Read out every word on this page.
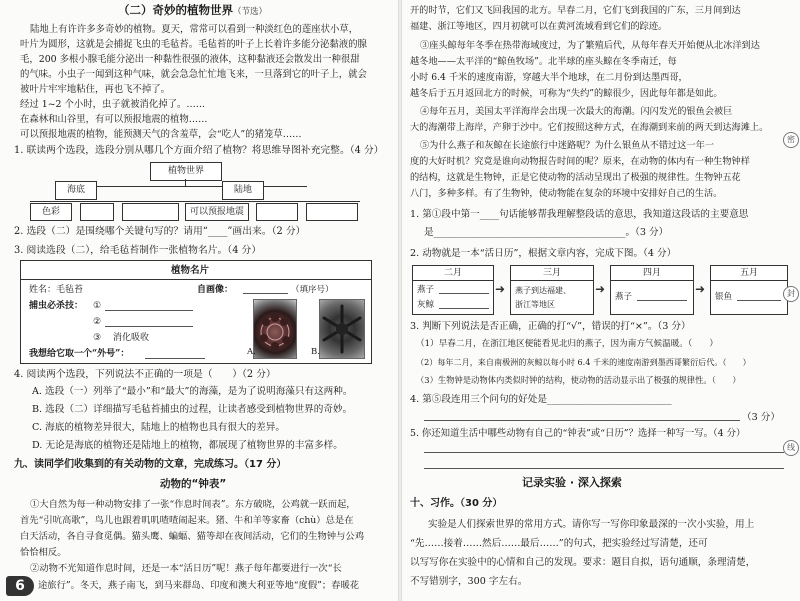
（二）奇妙的植物世界（节选）
陆地上有许许多多奇妙的植物。夏天，常常可以看到一种淡红色的莲座状小草，
叶片为圆形，这就是会捕捉飞虫的毛毡苔。毛毡苔的叶子上长着许多能分泌黏液的腺
毛，200 多根小腺毛能分泌出一种黏性很强的液体，这种黏液还会散发出一种很甜
的气味。小虫子一闻到这种气味，就会急急忙忙地飞来，一旦落到它的叶子上，就会
被叶片牢牢地粘住，再也飞不掉了。
经过 1~2 个小时，虫子就被消化掉了。……
在森林和山谷里，有可以预报地震的植物……
可以预报地震的植物，能预测天气的含羞草，会“吃人”的猪笼草……
1. 联读两个选段，选段分别从哪几个方面介绍了植物？将思维导图补充完整。（4 分）
植物世界
海底	陆地
色彩	可以预报地震
2. 选段（二）是围绕哪个关键句写的？请用“____”画出来。（2 分）
3. 阅读选段（二），给毛毡苔制作一张植物名片。（4 分）
植物名片
姓名：毛毡苔	自画像：	（填序号）
捕虫必杀技： ①
②
③ 消化吸收
我想给它取一个“外号”：	A.	B.
4. 阅读两个选段，下列说法不正确的一项是（　　）（2 分）
A. 选段（一）列举了“最小”和“最大”的海藻，是为了说明海藻只有这两种。
B. 选段（二）详细描写毛毡苔捕虫的过程，让读者感受到植物世界的奇妙。
C. 海底的植物差异很大，陆地上的植物也具有很大的差异。
D. 无论是海底的植物还是陆地上的植物，都展现了植物世界的丰富多样。
九、读同学们收集到的有关动物的文章，完成练习。（17 分）
动物的“钟表”
①大自然为每一种动物安排了一张“作息时间表”。东方破晓，公鸡就一跃而起，
首先“引吭高歌”，鸟儿也跟着叽叽喳喳闹起来。猪、牛和羊等家畜（chù）总是在
白天活动，各自寻食觅偶。猫头鹰、蝙蝠、猫等却在夜间活动，它们的生物钟与公鸡
恰恰相反。
②动物不光知道作息时间，还是一本“活日历”呢！燕子每年都要进行一次“长
途旅行”。冬天，燕子南飞，到马来群岛、印度和澳大利亚等地“度假”；春暖花
6
开的时节，它们又飞回我国的北方。早春二月，它们飞到我国的广东，三月间到达
福建、浙江等地区，四月初就可以在黄河流域看到它们的踪迹。
③座头鲸每年冬季在热带海域度过，为了繁殖后代，从每年春天开始便从北冰洋到达
越冬地——太平洋的“鲸鱼牧场”。北半球的座头鲸在冬季南迁，每
小时 6.4 千米的速度南游，穿越大半个地球，在二月份到达墨西哥，
越冬后于五月返回北方的时候，可称为“失约”的鲸很少，因此每年都是如此。
④每年五月，美国太平洋海岸会出现一次最大的海潮。闪闪发光的银鱼会被巨
大的海潮带上海岸，产卵于沙中。它们按照这种方式，在海潮到来前的两天到达海滩上。
⑤为什么燕子和灰鲸在长途旅行中迷路呢？为什么银鱼从不错过这一年一
度的大好时机？究竟是谁向动物报告时间的呢？原来，在动物的体内有一种生物钟样
的结构，这就是生物钟，正是它使动物的活动呈现出了极强的规律性。生物钟五花
八门，多种多样。有了生物钟，使动物能在复杂的环境中安排好自己的生活。
1. 第①段中第一____句话能够帮我理解整段话的意思，我知道这段话的主要意思
是________________________________________。（3 分）
2. 动物就是一本“活日历”，根据文章内容，完成下图。（4 分）
二月
燕子
灰鲸
➜
三月
燕子到达福建、
浙江等地区
➜
四月
燕子
➜
五月
银鱼
3. 判断下列说法是否正确，正确的打“√”，错误的打“×”。（3 分）
（1）早春二月，在浙江地区便能看见北归的燕子，因为南方气候温暖。（　　）
（2）每年二月，来自南极洲的灰鲸以每小时 6.4 千米的速度南游到墨西哥繁衍后代。（　　）
（3）生物钟是动物体内类似时钟的结构，使动物的活动显示出了极强的规律性。（　　）
4. 第⑤段连用三个问句的好处是__________________________
（3 分）
5. 你还知道生活中哪些动物有自己的“钟表”或“日历”？选择一种写一写。（4 分）
记录实验 · 深入探索
十、习作。（30 分）
实验是人们探索世界的常用方式。请你写一写你印象最深的一次小实验，用上
“先……接着……然后……最后……”的句式，把实验经过写清楚，还可
以写写你在实验中的心情和自己的发现。要求：题目自拟，语句通顺，条理清楚，
不写错别字，300 字左右。
密
封
线
